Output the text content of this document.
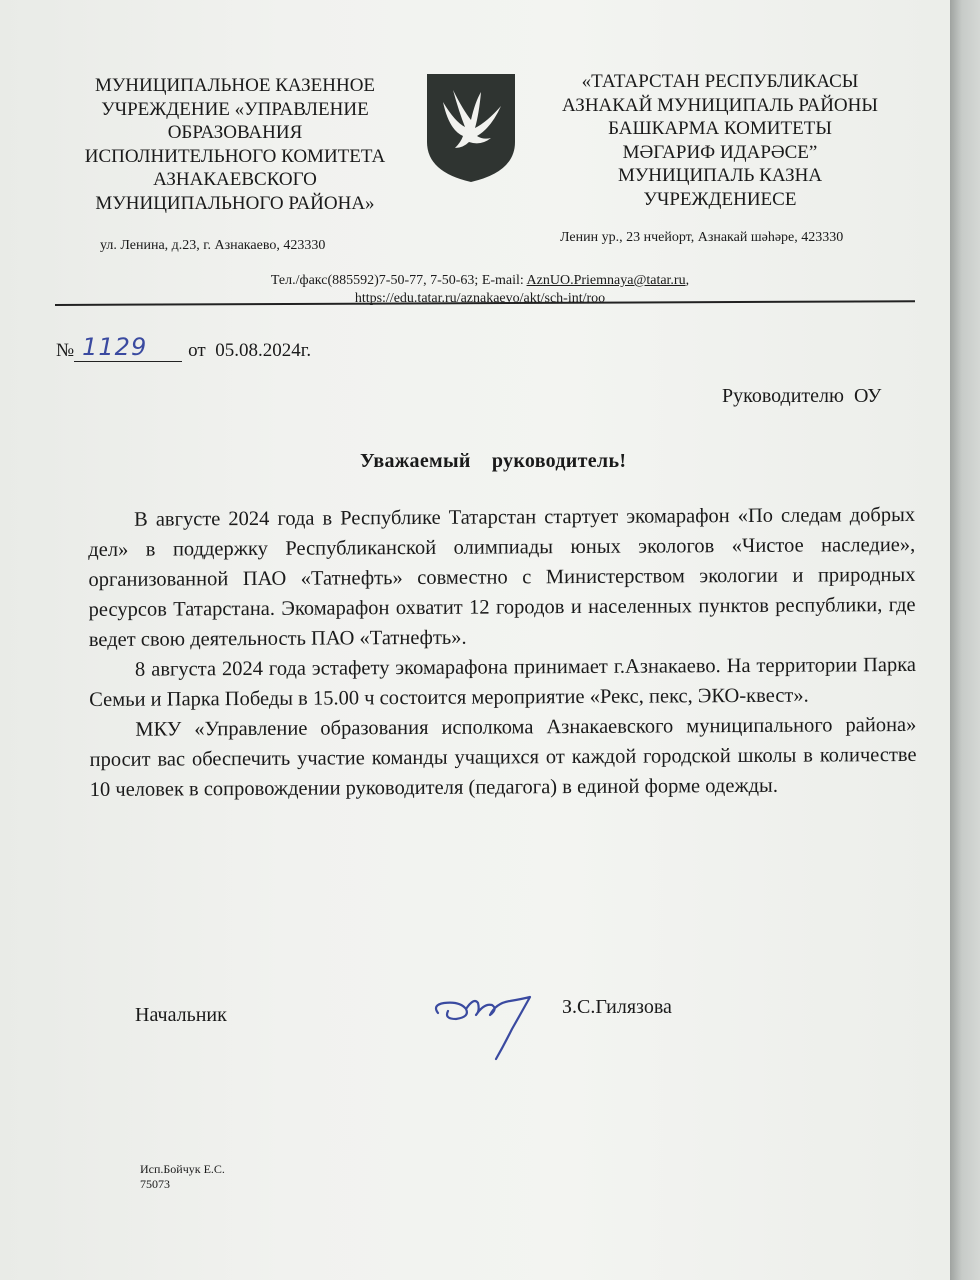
МУНИЦИПАЛЬНОЕ КАЗЕННОЕ
УЧРЕЖДЕНИЕ «УПРАВЛЕНИЕ
ОБРАЗОВАНИЯ
ИСПОЛНИТЕЛЬНОГО КОМИТЕТА
АЗНАКАЕВСКОГО
МУНИЦИПАЛЬНОГО РАЙОНА»
«ТАТАРСТАН РЕСПУБЛИКАСЫ
АЗНАКАЙ МУНИЦИПАЛЬ РАЙОНЫ
БАШКАРМА КОМИТЕТЫ
МӘГАРИФ ИДАРӘСЕ”
МУНИЦИПАЛЬ КАЗНА
УЧРЕЖДЕНИЕСЕ
ул. Ленина, д.23, г. Азнакаево, 423330
Ленин ур., 23 нчейорт, Азнакай шәһәре, 423330
Тел./факс(885592)7-50-77, 7-50-63; E-mail: AznUO.Priemnaya@tatar.ru,
https://edu.tatar.ru/aznakaevo/akt/sch-int/roo
№ 1129 от 05.08.2024г.
Руководителю  ОУ
Уважаемый    руководитель!

В августе 2024 года в Республике Татарстан стартует экомарафон «По следам добрых дел» в поддержку Республиканской олимпиады юных экологов «Чистое наследие», организованной ПАО «Татнефть» совместно с Министерством экологии и природных ресурсов Татарстана. Экомарафон охватит 12 городов и населенных пунктов республики, где ведет свою деятельность ПАО «Татнефть».

8 августа 2024 года эстафету экомарафона принимает г.Азнакаево. На территории Парка Семьи и Парка Победы в 15.00 ч состоится мероприятие «Рекс, пекс, ЭКО-квест».

МКУ «Управление образования исполкома Азнакаевского муниципального района» просит вас обеспечить участие команды учащихся от каждой городской школы в количестве 10 человек в сопровождении руководителя (педагога) в единой форме одежды.

Начальник	З.С.Гилязова
Исп.Бойчук Е.С.
75073
